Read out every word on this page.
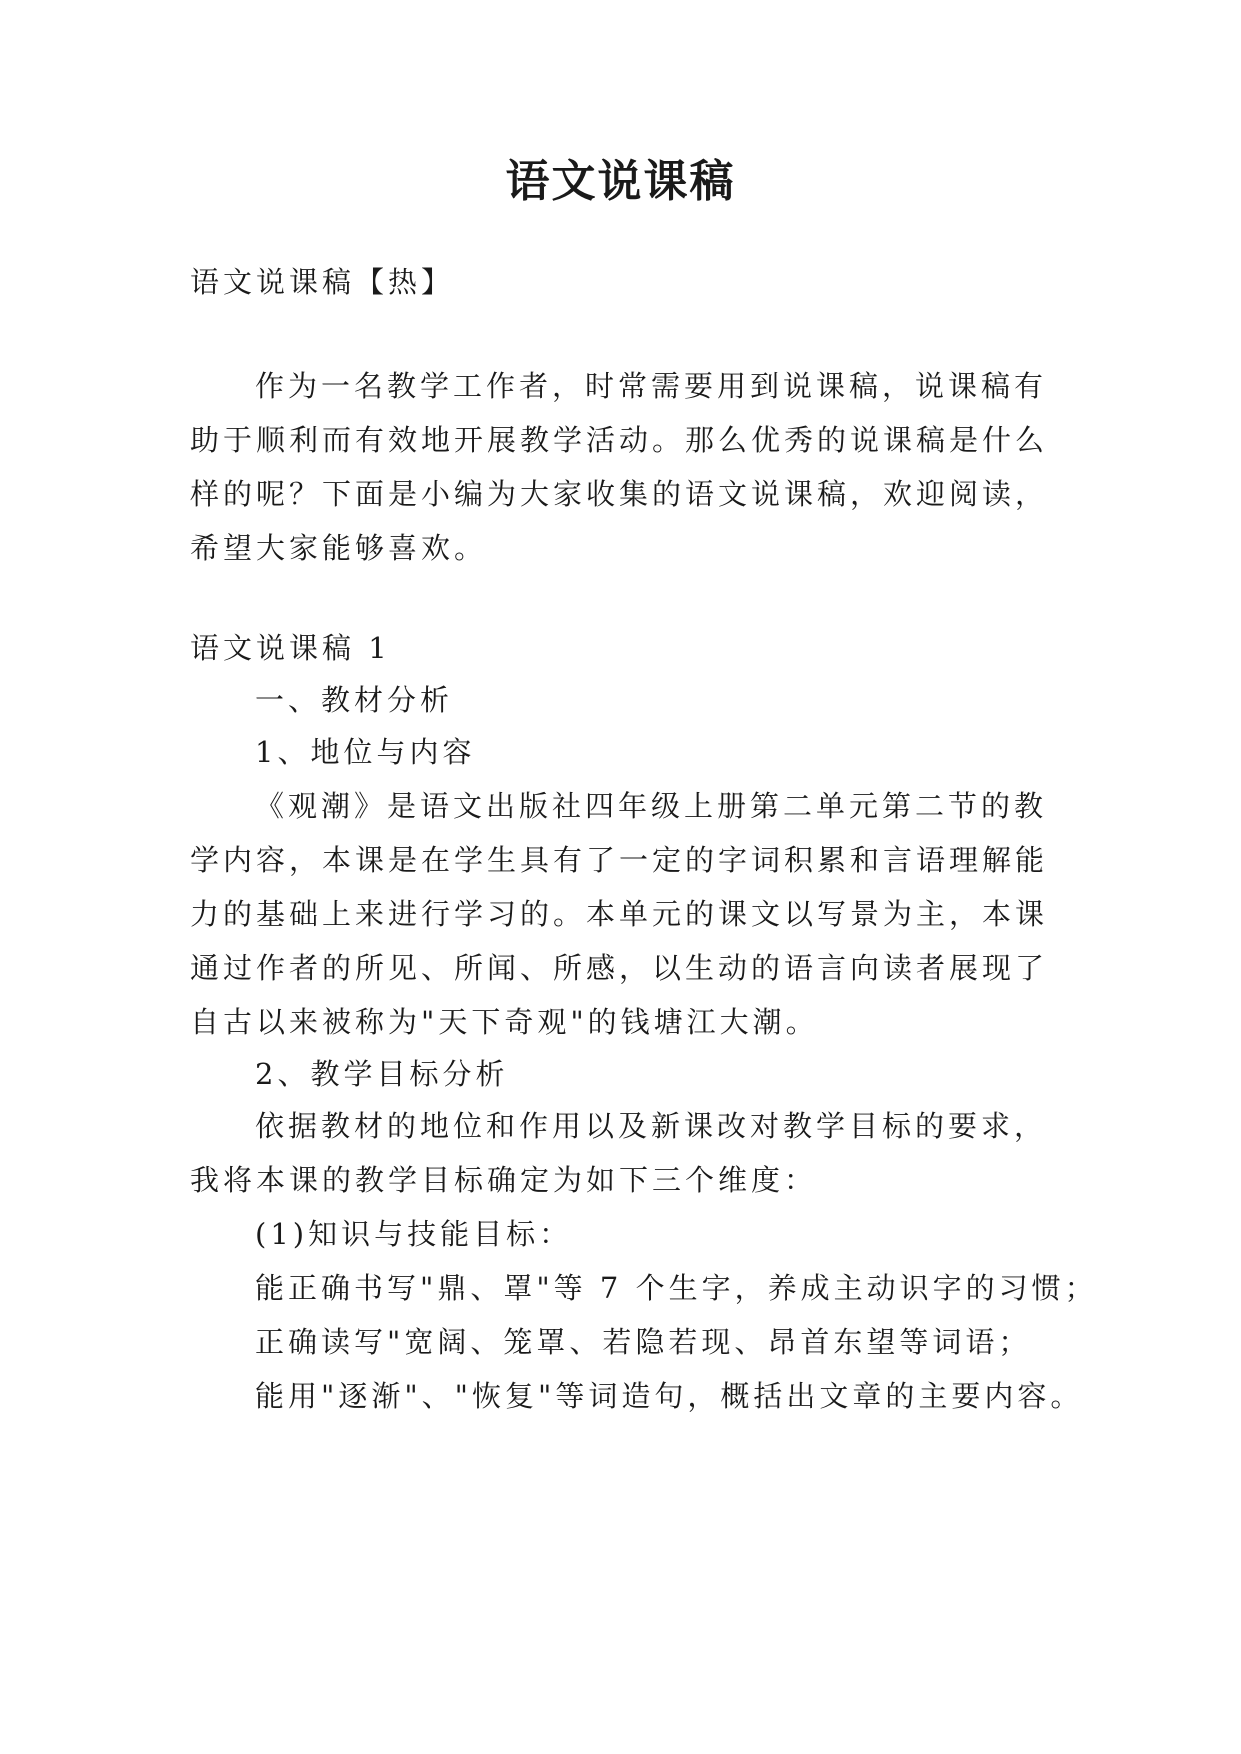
语文说课稿
语文说课稿【热】
作为一名教学工作者，时常需要用到说课稿，说课稿有
助于顺利而有效地开展教学活动。那么优秀的说课稿是什么
样的呢？下面是小编为大家收集的语文说课稿，欢迎阅读，
希望大家能够喜欢。
语文说课稿 1
一、教材分析
1、地位与内容
《观潮》是语文出版社四年级上册第二单元第二节的教
学内容，本课是在学生具有了一定的字词积累和言语理解能
力的基础上来进行学习的。本单元的课文以写景为主，本课
通过作者的所见、所闻、所感，以生动的语言向读者展现了
自古以来被称为"天下奇观"的钱塘江大潮。
2、教学目标分析
依据教材的地位和作用以及新课改对教学目标的要求，
我将本课的教学目标确定为如下三个维度：
(1)知识与技能目标：
能正确书写"鼎、罩"等 7 个生字，养成主动识字的习惯；
正确读写"宽阔、笼罩、若隐若现、昂首东望等词语；
能用"逐渐"、"恢复"等词造句，概括出文章的主要内容。
